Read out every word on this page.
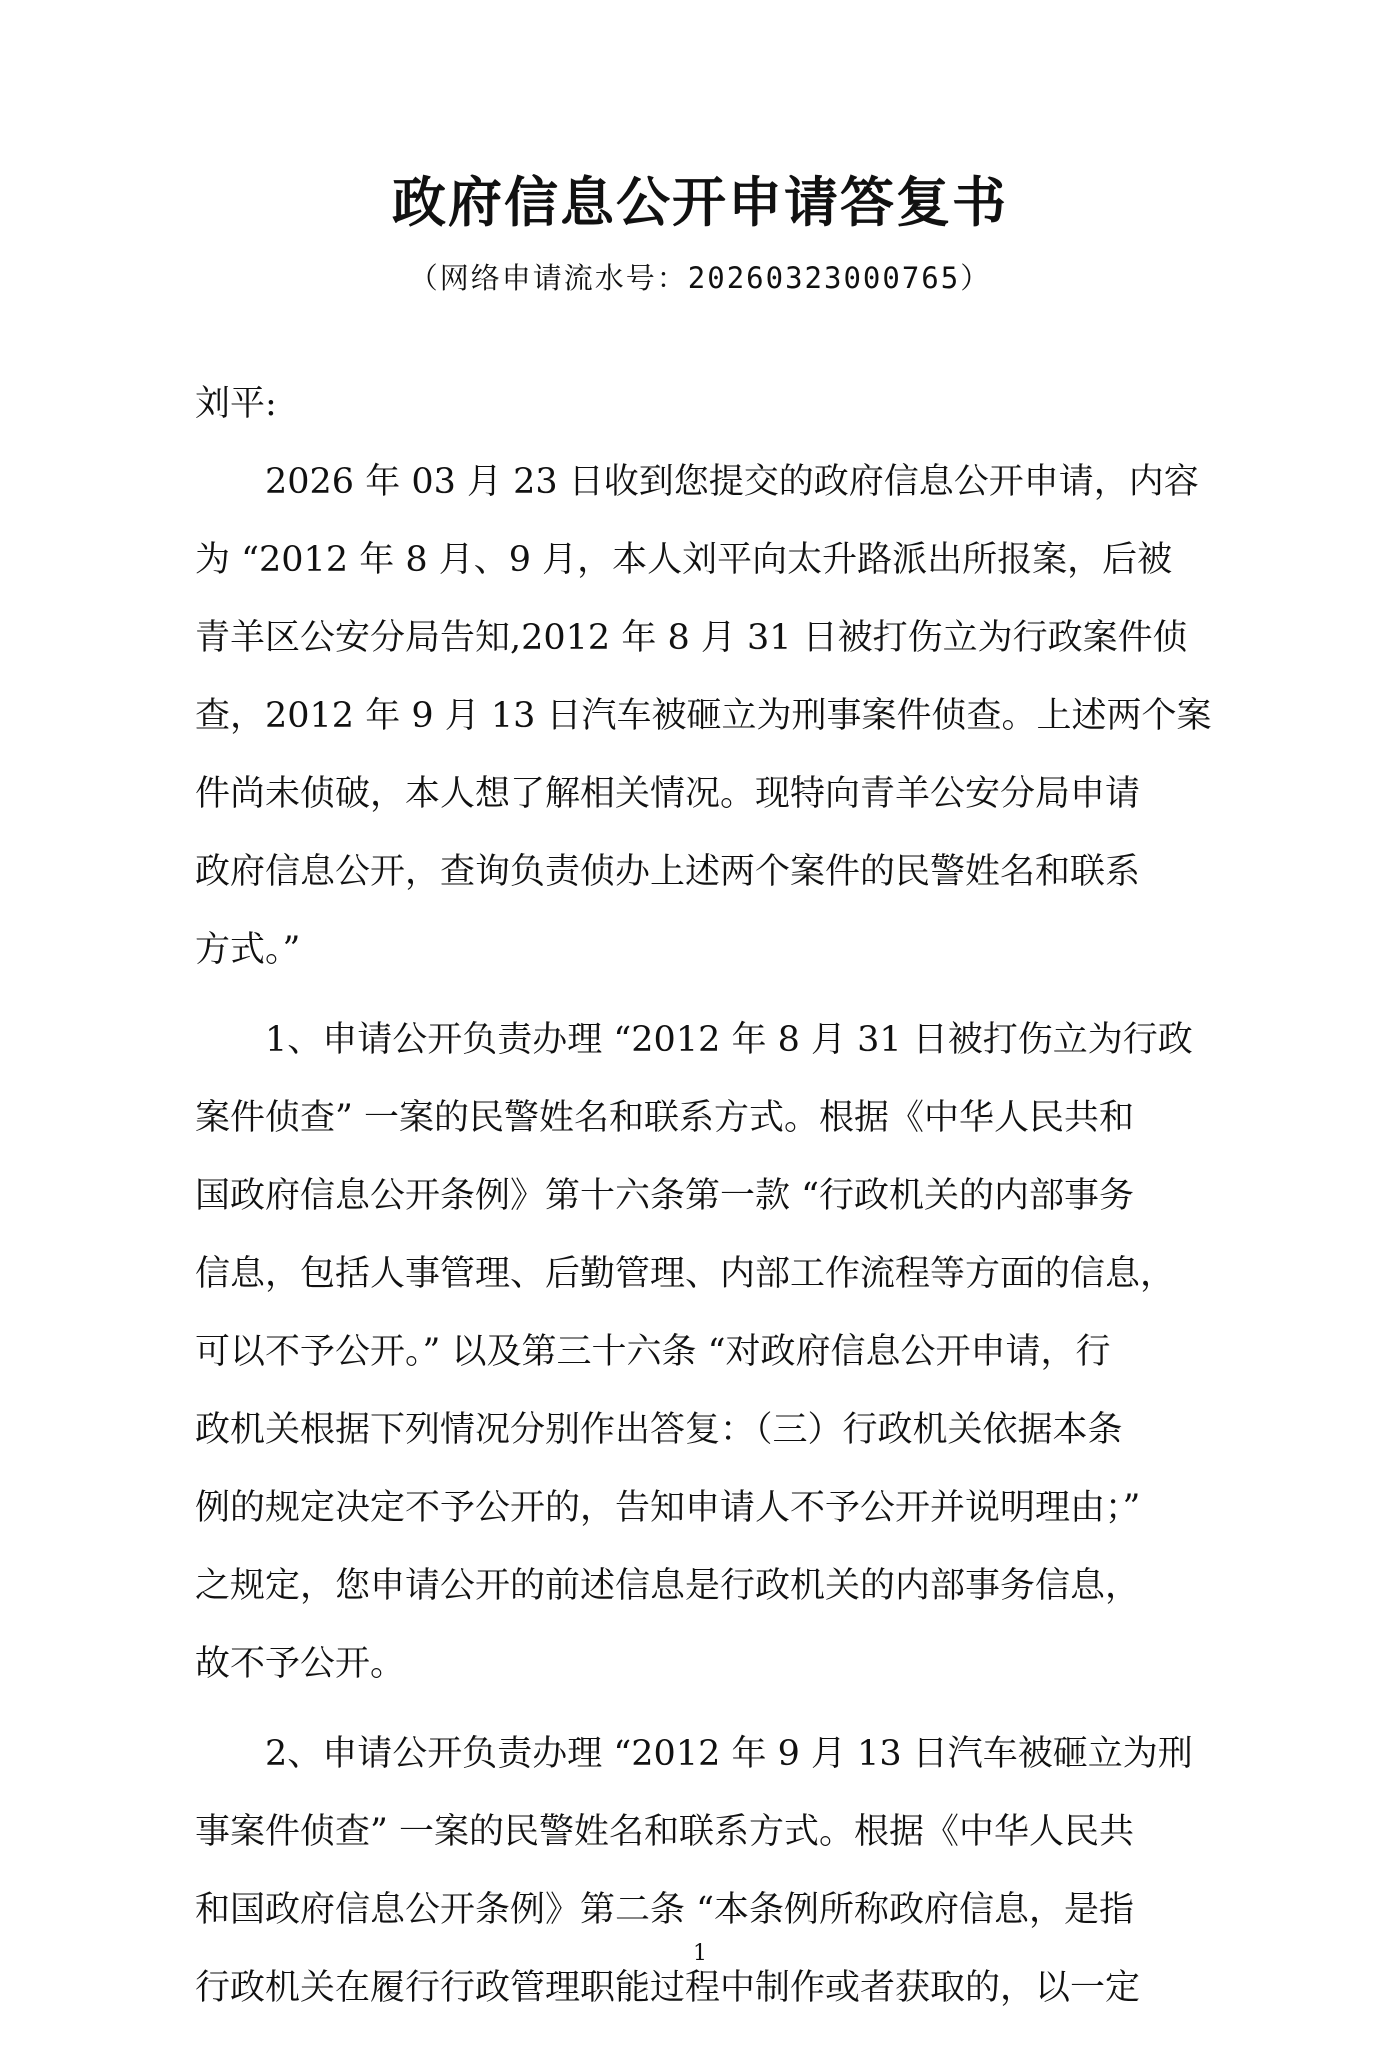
政府信息公开申请答复书
（网络申请流水号：20260323000765）
刘平:
　　2026 年 03 月 23 日收到您提交的政府信息公开申请，内容
为 “2012 年 8 月、9 月，本人刘平向太升路派出所报案，后被
青羊区公安分局告知,2012 年 8 月 31 日被打伤立为行政案件侦
查，2012 年 9 月 13 日汽车被砸立为刑事案件侦查。上述两个案
件尚未侦破，本人想了解相关情况。现特向青羊公安分局申请
政府信息公开，查询负责侦办上述两个案件的民警姓名和联系
方式。”
　　1、申请公开负责办理 “2012 年 8 月 31 日被打伤立为行政
案件侦查” 一案的民警姓名和联系方式。根据《中华人民共和
国政府信息公开条例》第十六条第一款 “行政机关的内部事务
信息，包括人事管理、后勤管理、内部工作流程等方面的信息，
可以不予公开。” 以及第三十六条 “对政府信息公开申请，行
政机关根据下列情况分别作出答复：（三）行政机关依据本条
例的规定决定不予公开的，告知申请人不予公开并说明理由；”
之规定，您申请公开的前述信息是行政机关的内部事务信息，
故不予公开。
　　2、申请公开负责办理 “2012 年 9 月 13 日汽车被砸立为刑
事案件侦查” 一案的民警姓名和联系方式。根据《中华人民共
和国政府信息公开条例》第二条 “本条例所称政府信息，是指
行政机关在履行行政管理职能过程中制作或者获取的，以一定
1
